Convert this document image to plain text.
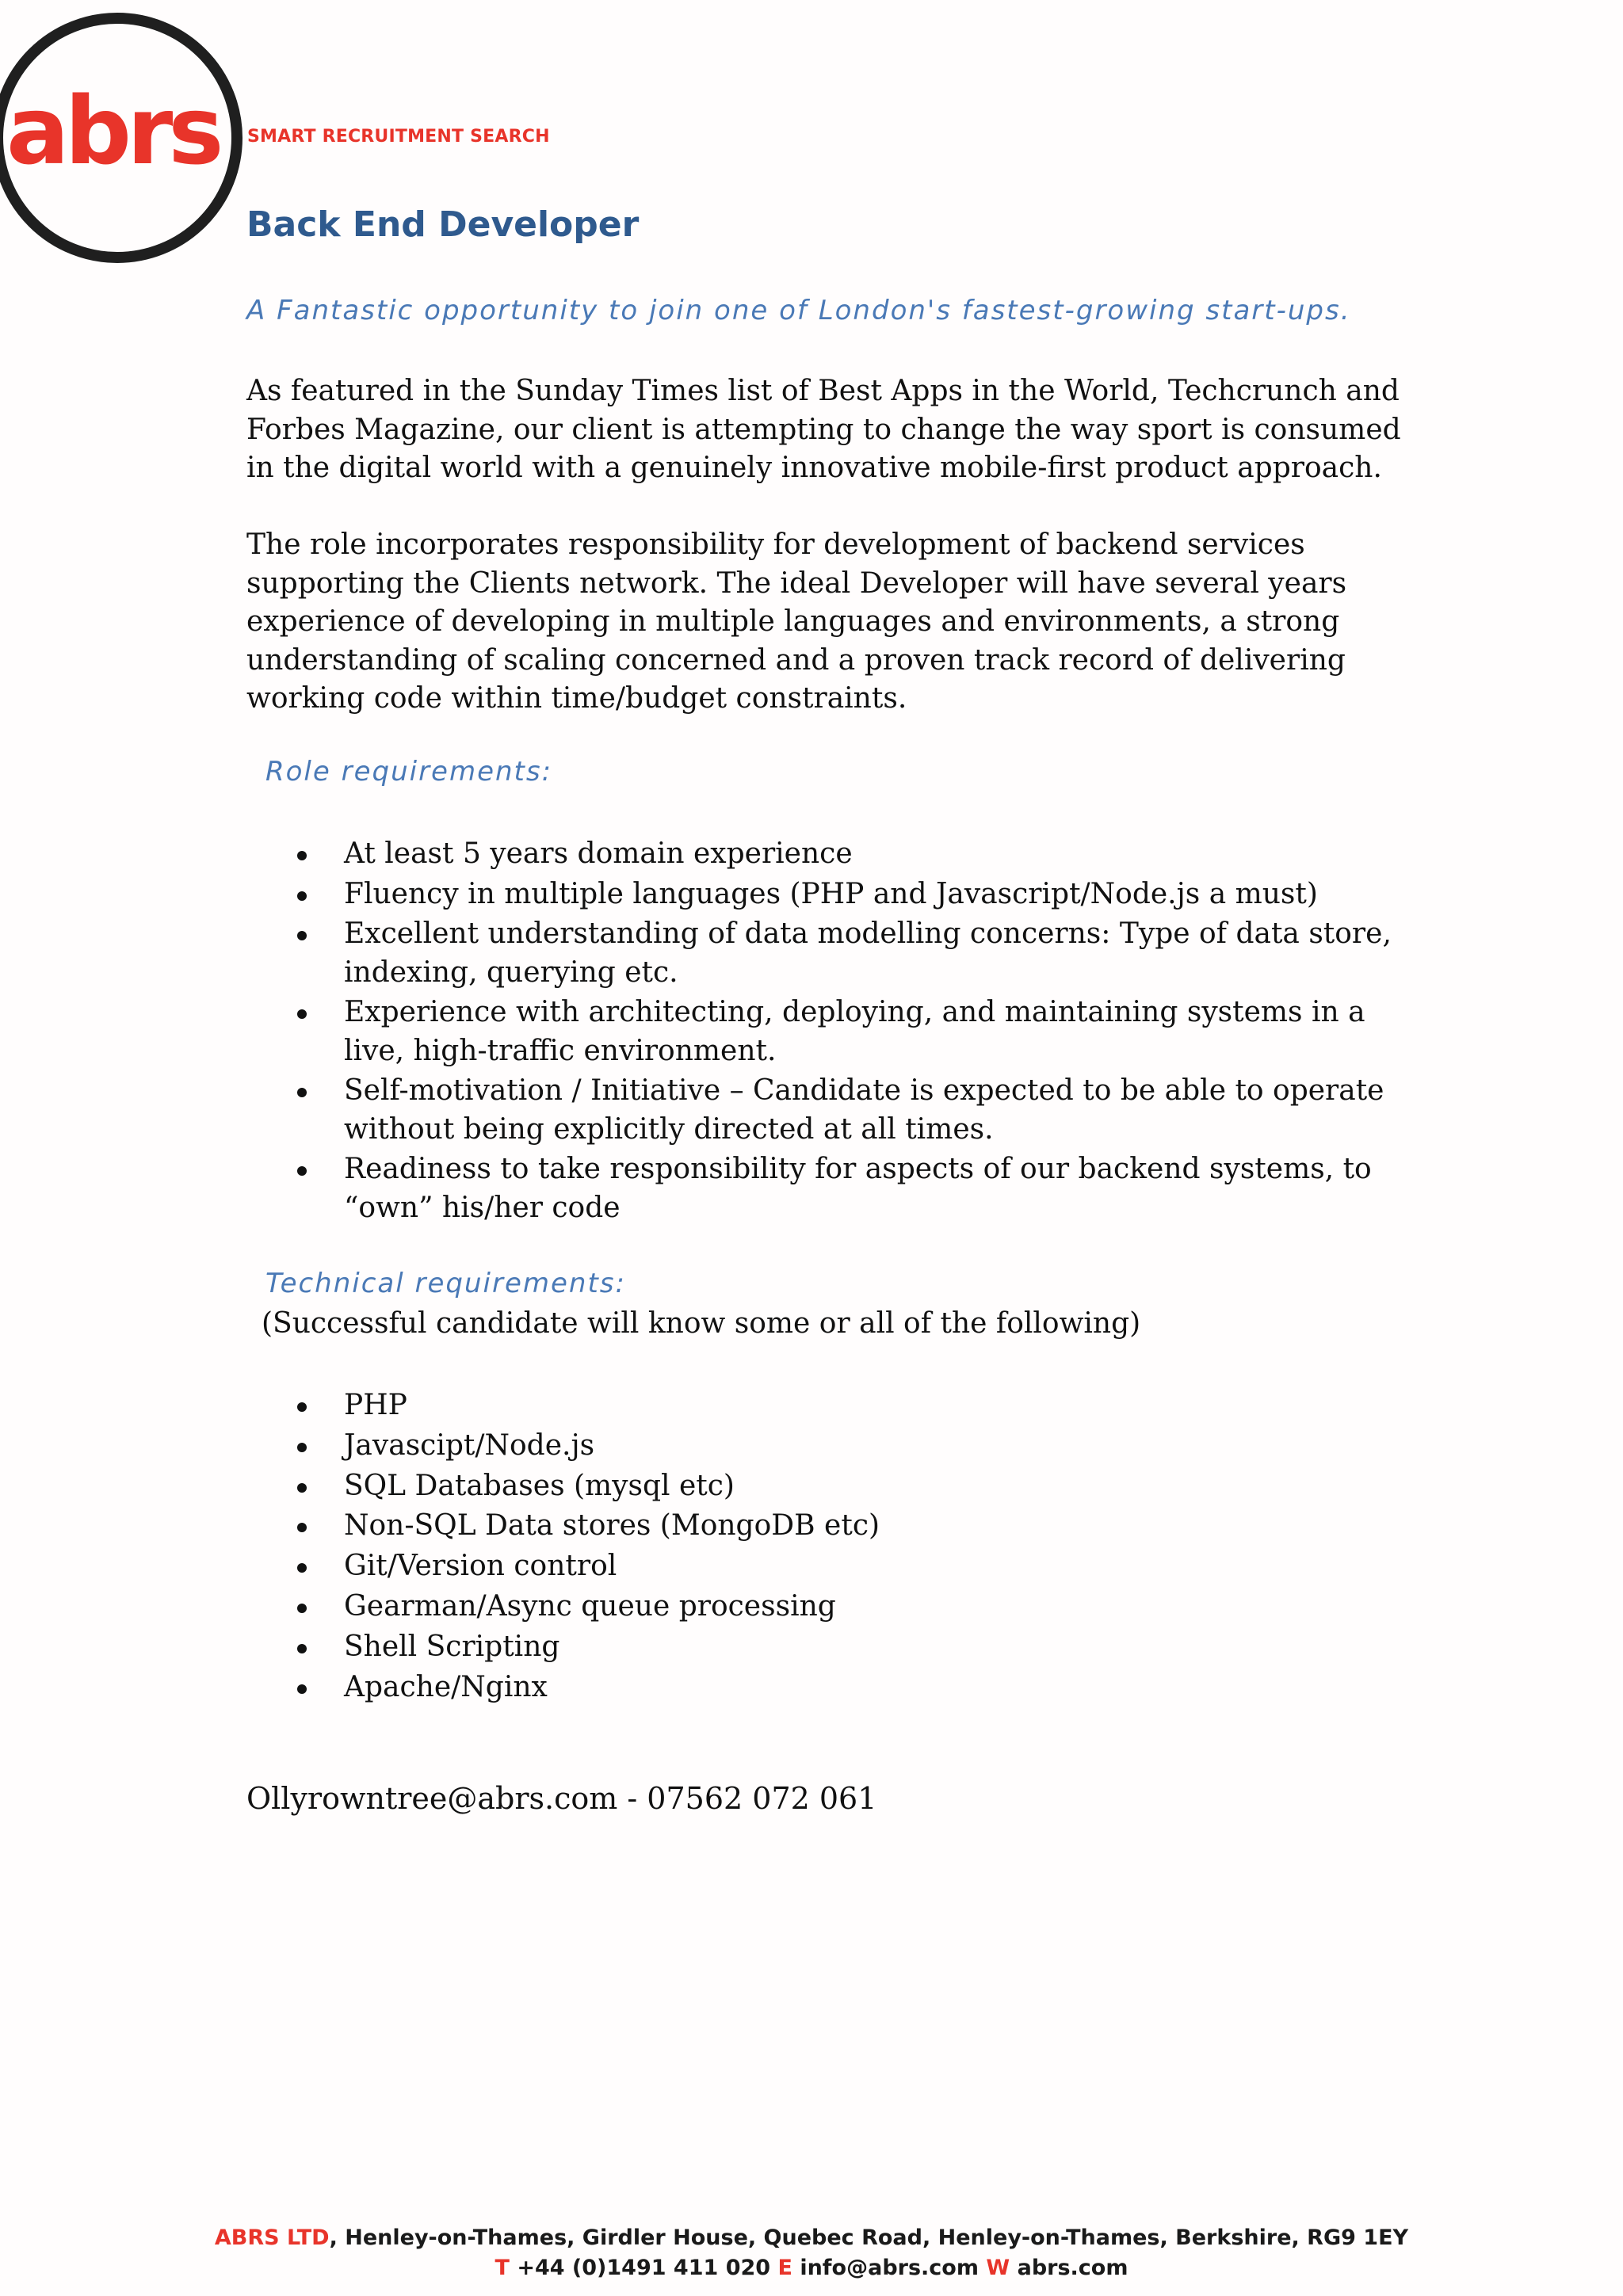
abrs SMART RECRUITMENT SEARCH
Back End Developer
A Fantastic opportunity to join one of London's fastest-growing start-ups.

As featured in the Sunday Times list of Best Apps in the World, Techcrunch and
Forbes Magazine, our client is attempting to change the way sport is consumed
in the digital world with a genuinely innovative mobile-first product approach.

The role incorporates responsibility for development of backend services
supporting the Clients network. The ideal Developer will have several years
experience of developing in multiple languages and environments, a strong
understanding of scaling concerned and a proven track record of delivering
working code within time/budget constraints.

Role requirements:
At least 5 years domain experience
Fluency in multiple languages (PHP and Javascript/Node.js a must)
Excellent understanding of data modelling concerns: Type of data store,
indexing, querying etc.
Experience with architecting, deploying, and maintaining systems in a
live, high-traffic environment.
Self-motivation / Initiative – Candidate is expected to be able to operate
without being explicitly directed at all times.
Readiness to take responsibility for aspects of our backend systems, to
“own” his/her code
Technical requirements:
(Successful candidate will know some or all of the following)
PHP
Javascipt/Node.js
SQL Databases (mysql etc)
Non-SQL Data stores (MongoDB etc)
Git/Version control
Gearman/Async queue processing
Shell Scripting
Apache/Nginx
Ollyrowntree@abrs.com - 07562 072 061
ABRS LTD, Henley-on-Thames, Girdler House, Quebec Road, Henley-on-Thames, Berkshire, RG9 1EY
T +44 (0)1491 411 020 E info@abrs.com W abrs.com
